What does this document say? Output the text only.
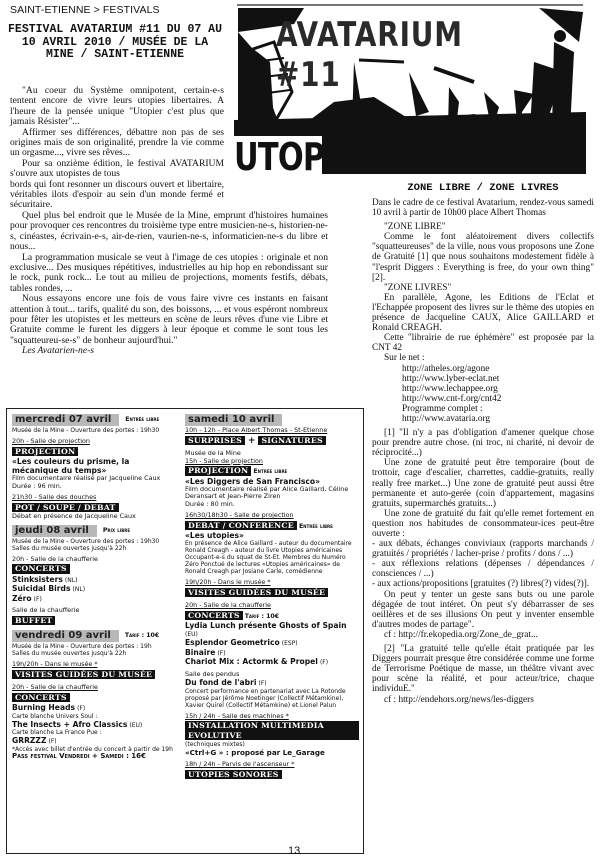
SAINT-ETIENNE > FESTIVALS
FESTIVAL AVATARIUM #11 DU 07 AU 10 AVRIL 2010 / MUSÉE DE LA MINE / SAINT-ETIENNE

"Au coeur du Système omnipotent, certain-e-s tentent encore de vivre leurs utopies libertaires. A l'heure de la pensée unique "Utopier c'est plus que jamais Résister"...

Affirmer ses différences, débattre non pas de ses origines mais de son originalité, prendre la vie comme un orgasme..., vivre ses rêves...

Pour sa onzième édition, le festival AVATARIUM s'ouvre aux utopistes de tous

bords qui font resonner un discours ouvert et libertaire, véritables ilots d'espoir au sein d'un monde fermé et sécuritaire.

Quel plus bel endroit que le Musée de la Mine, emprunt d'histoires humaines pour provoquer ces rencontres du troisième type entre musicien-ne-s, historien-ne-s, cinéastes, écrivain-e-s, air-de-rien, vaurien-ne-s, informaticien-ne-s du libre et nous...

La programmation musicale se veut à l'image de ces utopies : originale et non exclusive... Des musiques répétitives, industrielles au hip hop en rebondissant sur le rock, punk rock... Le tout au milieu de projections, moments festifs, débats, tables rondes, ...

Nous essayons encore une fois de vous faire vivre ces instants en faisant attention à tout... tarifs, qualité du son, des boissons, ... et vous espéront nombreux pour fêter les utopistes et les metteurs en scène de leurs rêves d'une vie Libre et Gratuite comme le furent les diggers à leur époque et comme le sont tous les "squatteureu-se-s" de bonheur aujourd'hui."

Les Avatarien-ne-s

AVATARIUM #11
UTOPIES
ZONE LIBRE / ZONE LIVRES

Dans le cadre de ce festival Avatarium, rendez-vous samedi 10 avril à partir de 10h00 place Albert Thomas

"ZONE LIBRE"

Comme le font aléatoirement divers collectifs "squatteureuses" de la ville, nous vous proposons une Zone de Gratuité [1] que nous souhaitons modestement fidèle à "l'esprit Diggers : Everything is free, do your own thing" [2].

"ZONE LIVRES"

En parallèle, Agone, les Editions de l'Eclat et l'Echappée proposent des livres sur le thème des utopies en présence de Jacqueline CAUX, Alice GAILLARD et Ronald CREAGH.

Cette "librairie de rue éphémère" est proposée par la CNT 42

Sur le net :

http://atheles.org/agone

http://www.lyber-eclat.net

http://www.lechappee.org

http://www.cnt-f.org/cnt42

Programme complet :

http://www.avataria.org

[1] "Il n'y a pas d'obligation d'amener quelque chose pour prendre autre chose. (ni troc, ni charité, ni devoir de réciprocité...)

Une zone de gratuité peut être temporaire (bout de trottoir, cage d'escalier, charrettes, caddie-gratuits, really really free market...) Une zone de gratuité peut aussi être permanente et auto-gerée (coin d'appartement, magasins gratuits, supermarchés gratuits...)

Une zone de gratuité du fait qu'elle remet fortement en question nos habitudes de consommateur-ices peut-être ouverte :

- aux débats, échanges conviviaux (rapports marchands / gratuités / propriétés / lacher-prise / profits / dons / ...)

- aux réflexions relations (dépenses / dépendances / consciences / ...)

- aux actions/propositions [gratuites (?) libres(?) vides(?)].

On peut y tenter un geste sans buts ou une parole dégagée de tout intéret. On peut s'y débarrasser de ses oeillères et de ses illusions On peut y inventer ensemble d'autres modes de partage".

cf : http://fr.ekopedia.org/Zone_de_grat...

[2] "La gratuité telle qu'elle était pratiquée par les Diggers pourrait presque être considérée comme une forme de Terrorisme Poétique de masse, un théâtre vivant avec pour scène la réalité, et pour acteur/trice, chaque individuE."

cf : http://endehors.org/news/les-diggers

mercredi 07 avril	Entrée libre
Musée de la Mine - Ouverture des portes : 19h30
20h - Salle de projection
PROJECTION
«Les couleurs du prisme, la mécanique du temps»
Film documentaire réalisé par Jacqueline Caux
Durée : 96 min.
21h30 - Salle des douches
POT / SOUPE / DEBAT
Débat en présence de Jacqueline Caux
jeudi 08 avril	Prix libre
Musée de la Mine - Ouverture des portes : 19h30
Salles du musée ouvertes jusqu'à 22h
20h - Salle de la chaufferie
CONCERTS
Stinksisters (NL)
Suicidal Birds (NL)
Zéro (F)
Salle de la chaufferie
BUFFET
vendredi 09 avril	Tarif : 10€
Musée de la Mine - Ouverture des portes : 19h
Salles du musée ouvertes jusqu'à 22h
19h/20h - Dans le musée *
VISITES GUIDÉES DU MUSÉE
20h - Salle de la chaufferie
CONCERTS
Burning Heads (F)
Carte blanche Univers Soul :
The Insects + Afro Classics (EU)
Carte blanche La France Pue :
GRRZZZ (F)
*Accès avec billet d'entrée du concert à partir de 19h
Pass festival Vendredi + Samedi : 16€
samedi 10 avril
10h - 12h - Place Albert Thomas - St-Etienne
SURPRISES + SIGNATURES
Musée de la Mine
15h - Salle de projection
PROJECTION Entrée libre
«Les Diggers de San Francisco»
Film documentaire réalisé par Alice Gaillard, Céline Deransart et Jean-Pierre Ziren
Durée : 80 min.
16h30/18h30 - Salle de projection
DEBAT / CONFERENCE Entrée libre
«Les utopies»
En présence de Alice Gaillard - auteur du documentaire Ronald Creagh - auteur du livre Utopies américaines Occupant-e-s du squat de St-Et. Membres du Numéro Zéro Ponctué de lectures «Utopies américaines» de Ronald Creagh par Josiane Carle, comédienne
19h/20h - Dans le musée *
VISITES GUIDÉES DU MUSÉE
20h - Salle de la chaufferie
CONCERTS Tarif : 10€
Lydia Lunch présente Ghosts of Spain (EU)
Esplendor Geometrico (ESP)
Binaire (F)
Chariot Mix : Actormk & Propel (F)
Salle des pendus
Du fond de l'abri (F)
Concert performance en partenariat avec La Rotonde proposé par Jérôme Noetinger (Collectif Métamkine), Xavier Quirel (Collectif Métamkine) et Lionel Palun
15h / 24h - Salle des machines *
INSTALLATION MULTIMEDIA EVOLUTIVE
(techniques mixtes)
«Ctrl+G » : proposé par Le_Garage
18h / 24h - Parvis de l'ascenseur *
UTOPIES SONORES
13
